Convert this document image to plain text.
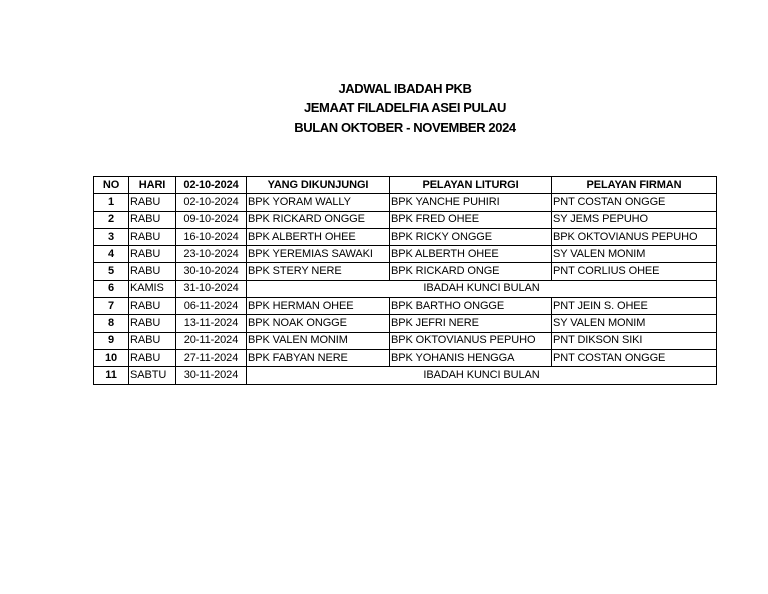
JADWAL IBADAH PKB
JEMAAT FILADELFIA ASEI PULAU
BULAN OKTOBER - NOVEMBER 2024
NO	HARI	02-10-2024	YANG DIKUNJUNGI	PELAYAN LITURGI	PELAYAN FIRMAN
1	RABU	02-10-2024	BPK YORAM WALLY	BPK YANCHE PUHIRI	PNT COSTAN ONGGE
2	RABU	09-10-2024	BPK RICKARD ONGGE	BPK FRED OHEE	SY JEMS PEPUHO
3	RABU	16-10-2024	BPK ALBERTH OHEE	BPK RICKY ONGGE	BPK OKTOVIANUS PEPUHO
4	RABU	23-10-2024	BPK YEREMIAS SAWAKI	BPK ALBERTH OHEE	SY VALEN MONIM
5	RABU	30-10-2024	BPK STERY NERE	BPK RICKARD ONGE	PNT CORLIUS OHEE
6	KAMIS	31-10-2024	IBADAH KUNCI BULAN		
7	RABU	06-11-2024	BPK HERMAN OHEE	BPK BARTHO ONGGE	PNT JEIN S. OHEE
8	RABU	13-11-2024	BPK NOAK ONGGE	BPK JEFRI NERE	SY VALEN MONIM
9	RABU	20-11-2024	BPK VALEN MONIM	BPK OKTOVIANUS PEPUHO	PNT DIKSON SIKI
10	RABU	27-11-2024	BPK FABYAN NERE	BPK YOHANIS HENGGA	PNT COSTAN ONGGE
11	SABTU	30-11-2024	IBADAH KUNCI BULAN		
